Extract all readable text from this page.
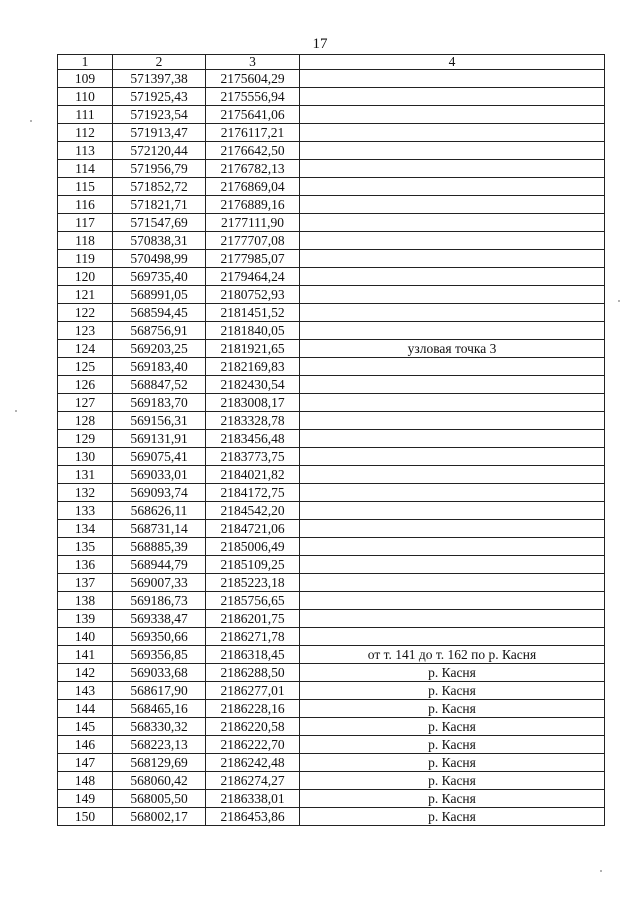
17
1	2	3	4
109	571397,38	2175604,29	
110	571925,43	2175556,94	
111	571923,54	2175641,06	
112	571913,47	2176117,21	
113	572120,44	2176642,50	
114	571956,79	2176782,13	
115	571852,72	2176869,04	
116	571821,71	2176889,16	
117	571547,69	2177111,90	
118	570838,31	2177707,08	
119	570498,99	2177985,07	
120	569735,40	2179464,24	
121	568991,05	2180752,93	
122	568594,45	2181451,52	
123	568756,91	2181840,05	
124	569203,25	2181921,65	узловая точка 3
125	569183,40	2182169,83	
126	568847,52	2182430,54	
127	569183,70	2183008,17	
128	569156,31	2183328,78	
129	569131,91	2183456,48	
130	569075,41	2183773,75	
131	569033,01	2184021,82	
132	569093,74	2184172,75	
133	568626,11	2184542,20	
134	568731,14	2184721,06	
135	568885,39	2185006,49	
136	568944,79	2185109,25	
137	569007,33	2185223,18	
138	569186,73	2185756,65	
139	569338,47	2186201,75	
140	569350,66	2186271,78	
141	569356,85	2186318,45	от т. 141 до т. 162 по р. Касня
142	569033,68	2186288,50	р. Касня
143	568617,90	2186277,01	р. Касня
144	568465,16	2186228,16	р. Касня
145	568330,32	2186220,58	р. Касня
146	568223,13	2186222,70	р. Касня
147	568129,69	2186242,48	р. Касня
148	568060,42	2186274,27	р. Касня
149	568005,50	2186338,01	р. Касня
150	568002,17	2186453,86	р. Касня
